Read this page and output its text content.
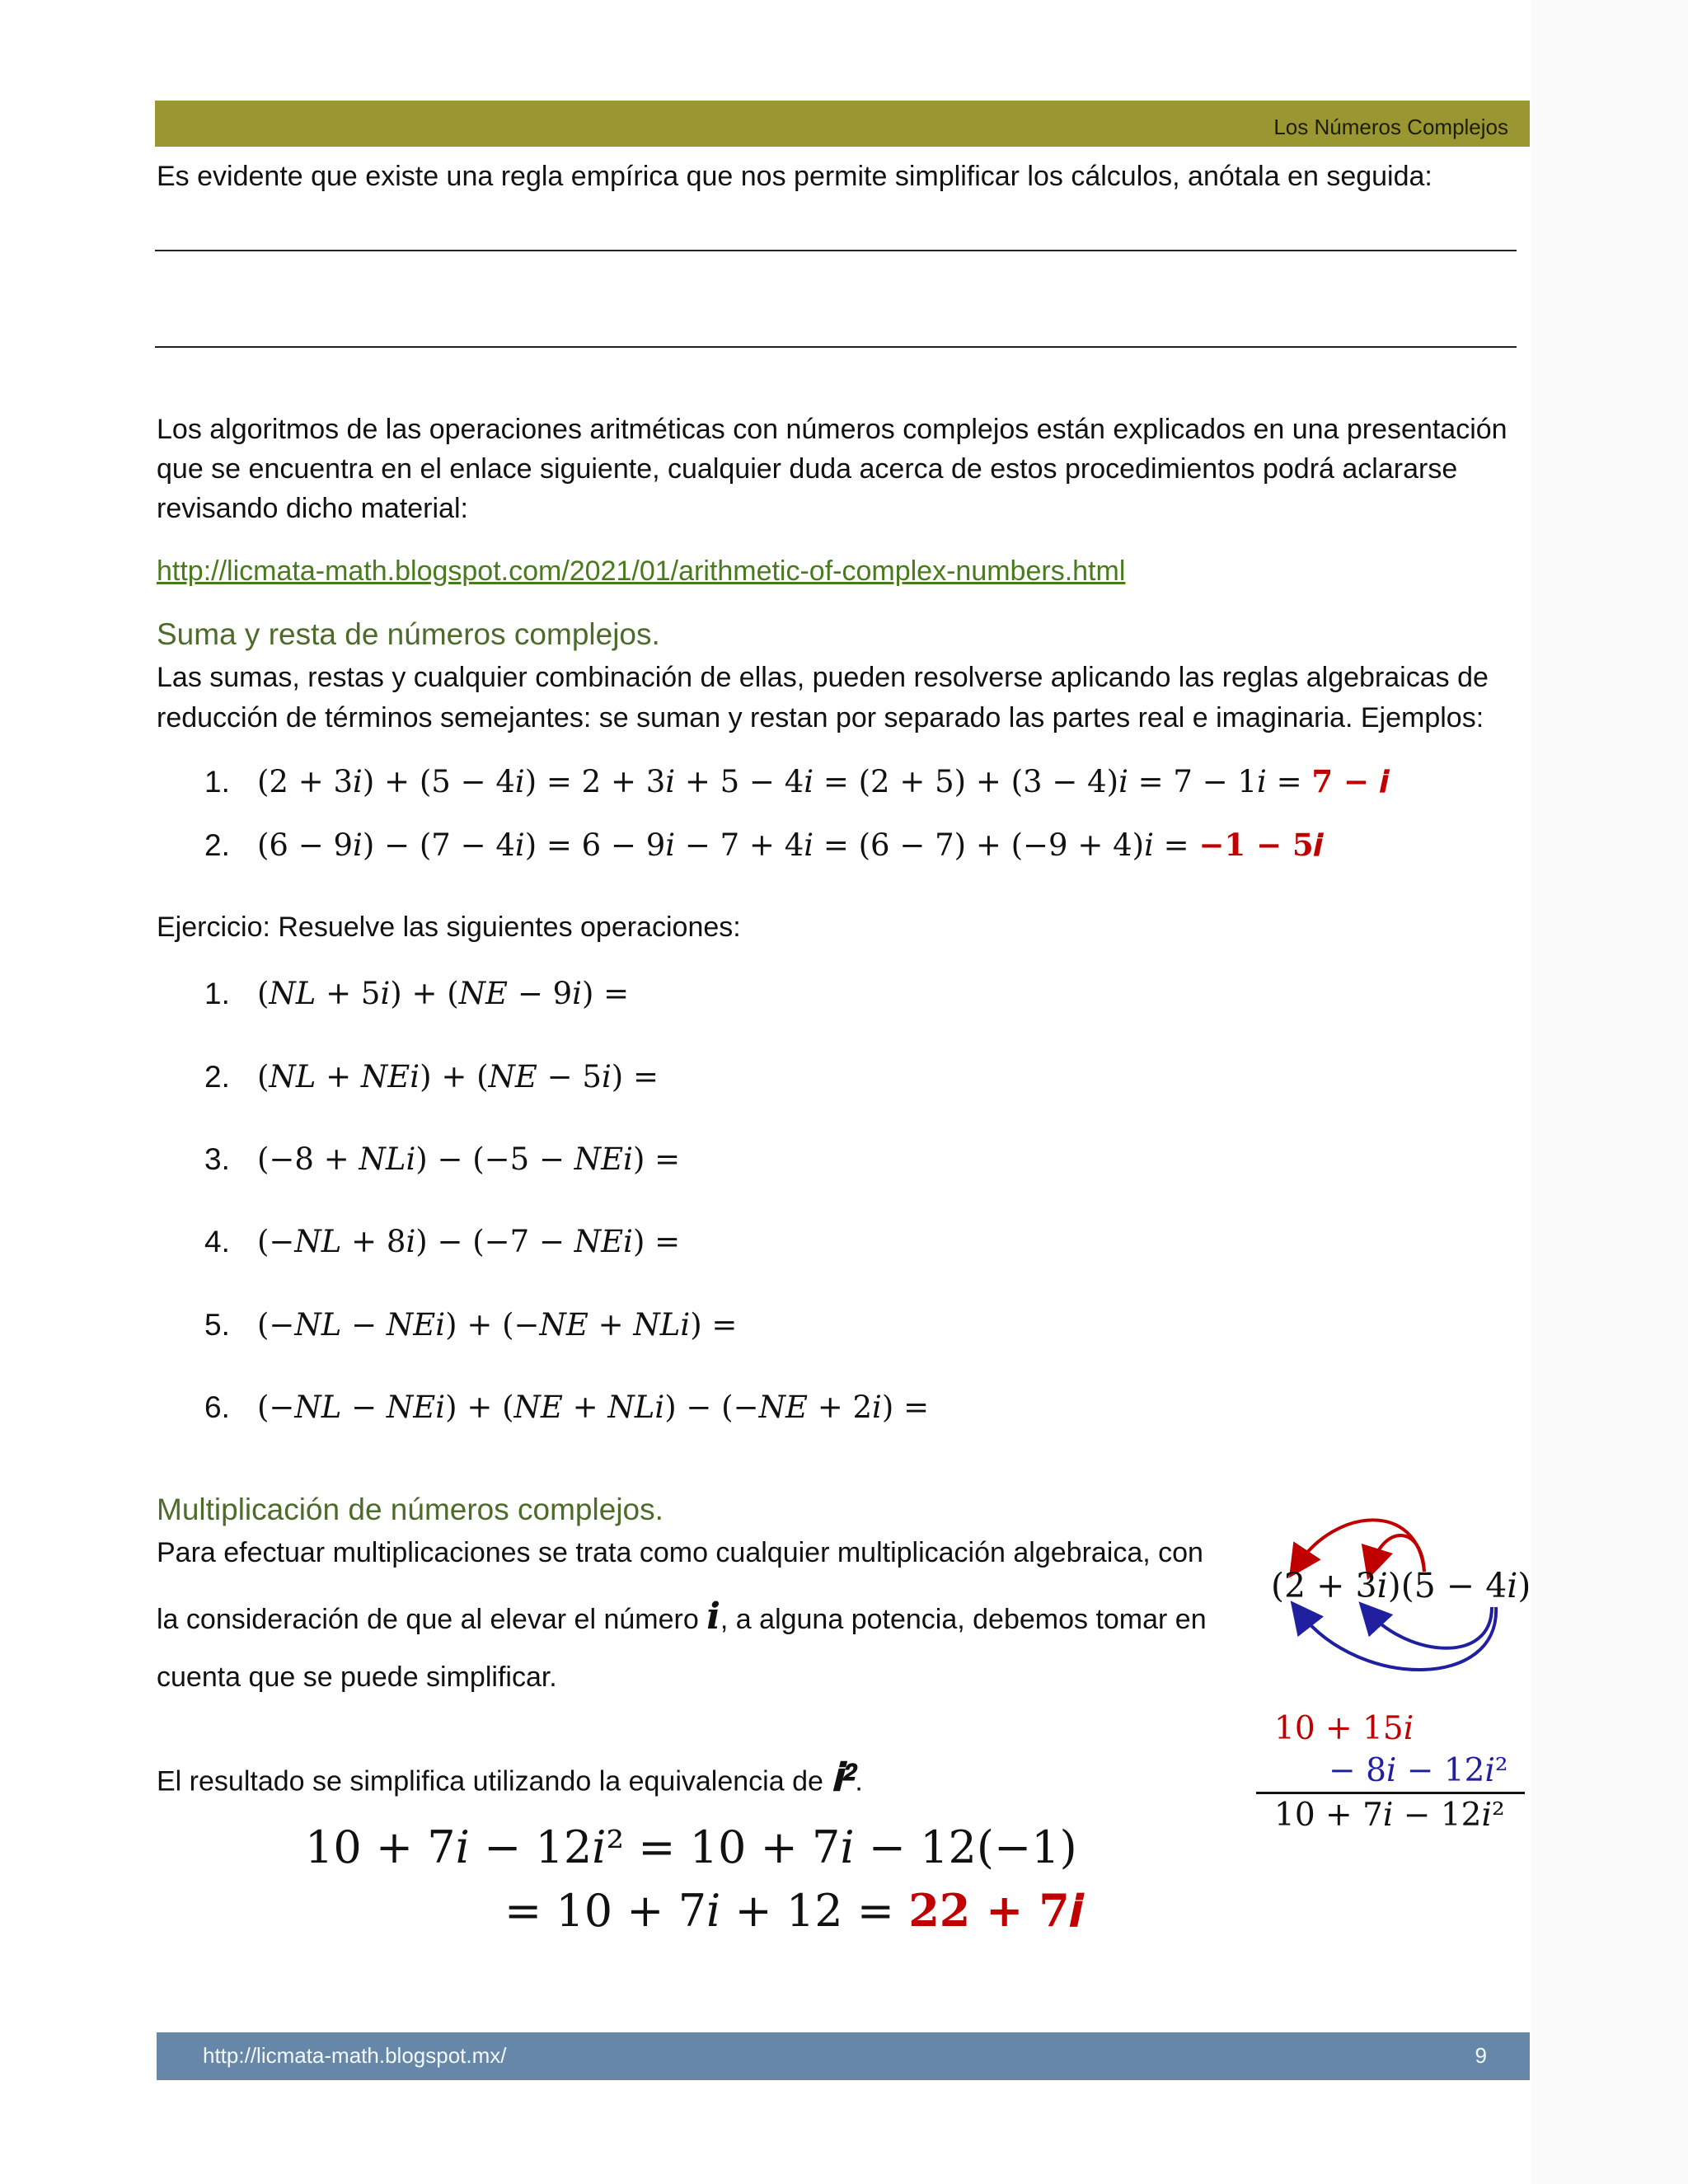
Los Números Complejos
Es evidente que existe una regla empírica que nos permite simplificar los cálculos, anótala en seguida:
Los algoritmos de las operaciones aritméticas con números complejos están explicados en una presentación
que se encuentra en el enlace siguiente, cualquier duda acerca de estos procedimientos podrá aclararse
revisando dicho material:
http://licmata-math.blogspot.com/2021/01/arithmetic-of-complex-numbers.html
Suma y resta de números complejos.
Las sumas, restas y cualquier combinación de ellas, pueden resolverse aplicando las reglas algebraicas de
reducción de términos semejantes: se suman y restan por separado las partes real e imaginaria. Ejemplos:
1. (2 + 3𝑖) + (5 − 4𝑖) = 2 + 3𝑖 + 5 − 4𝑖 = (2 + 5) + (3 − 4)𝑖 = 7 − 1𝑖 = 𝟕 − 𝒊
2. (6 − 9𝑖) − (7 − 4𝑖) = 6 − 9𝑖 − 7 + 4𝑖 = (6 − 7) + (−9 + 4)𝑖 = −𝟏 − 𝟓𝒊
Ejercicio: Resuelve las siguientes operaciones:
1. (𝑁𝐿 + 5𝑖) + (𝑁𝐸 − 9𝑖) =
2. (𝑁𝐿 + 𝑁𝐸𝑖) + (𝑁𝐸 − 5𝑖) =
3. (−8 + 𝑁𝐿𝑖) − (−5 − 𝑁𝐸𝑖) =
4. (−𝑁𝐿 + 8𝑖) − (−7 − 𝑁𝐸𝑖) =
5. (−𝑁𝐿 − 𝑁𝐸𝑖) + (−𝑁𝐸 + 𝑁𝐿𝑖) =
6. (−𝑁𝐿 − 𝑁𝐸𝑖) + (𝑁𝐸 + 𝑁𝐿𝑖) − (−𝑁𝐸 + 2𝑖) =
Multiplicación de números complejos.
Para efectuar multiplicaciones se trata como cualquier multiplicación algebraica, con
la consideración de que al elevar el número 𝒊, a alguna potencia, debemos tomar en
cuenta que se puede simplificar.
El resultado se simplifica utilizando la equivalencia de 𝐢$^𝟐$.
10 + 7𝑖 − 12𝑖² = 10 + 7𝑖 − 12(−1)
= 10 + 7𝑖 + 12 = 𝟐𝟐 + 𝟕𝒊
(2 + 3𝑖)(5 − 4𝑖)
10 + 15𝑖
− 8𝑖 − 12𝑖²
10 + 7𝑖 − 12𝑖²
http://licmata-math.blogspot.mx/	9
